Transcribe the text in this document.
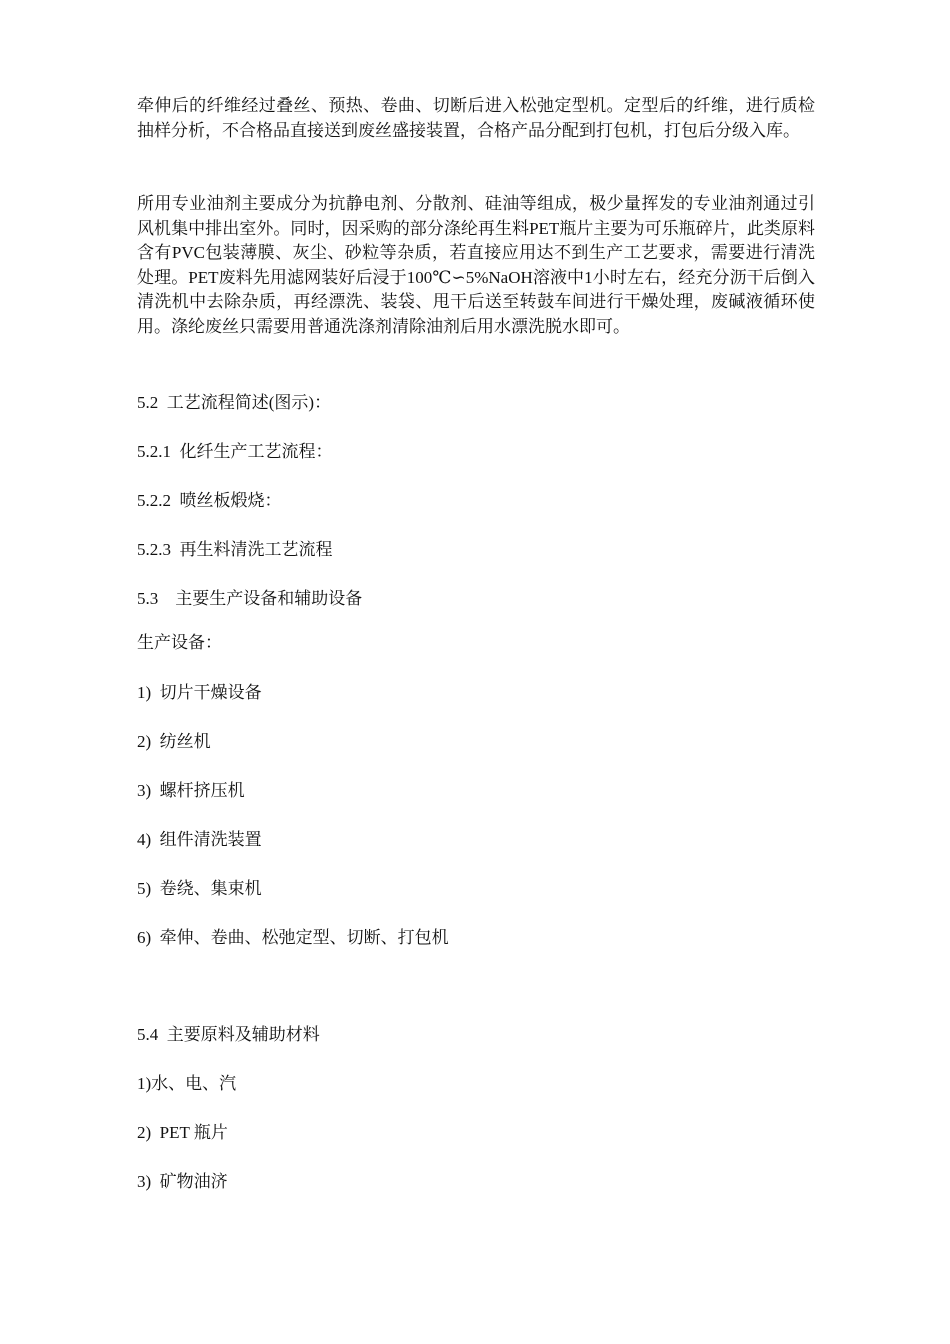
牵伸后的纤维经过叠丝、预热、卷曲、切断后进入松弛定型机。定型后的纤维，进行质检抽样分析，不合格品直接送到废丝盛接装置，合格产品分配到打包机，打包后分级入库。

所用专业油剂主要成分为抗静电剂、分散剂、硅油等组成，极少量挥发的专业油剂通过引风机集中排出室外。同时，因采购的部分涤纶再生料PET瓶片主要为可乐瓶碎片，此类原料含有PVC包装薄膜、灰尘、砂粒等杂质，若直接应用达不到生产工艺要求，需要进行清洗处理。PET废料先用滤网装好后浸于100℃∽5%NaOH溶液中1小时左右，经充分沥干后倒入清洗机中去除杂质，再经漂洗、装袋、甩干后送至转鼓车间进行干燥处理，废碱液循环使用。涤纶废丝只需要用普通洗涤剂清除油剂后用水漂洗脱水即可。

5.2  工艺流程简述(图示)：
5.2.1  化纤生产工艺流程：
5.2.2  喷丝板煅烧：
5.2.3  再生料清洗工艺流程
5.3    主要生产设备和辅助设备
生产设备：
1)  切片干燥设备
2)  纺丝机
3)  螺杆挤压机
4)  组件清洗装置
5)  卷绕、集束机
6)  牵伸、卷曲、松弛定型、切断、打包机
5.4  主要原料及辅助材料
1)水、电、汽
2)  PET 瓶片
3)  矿物油济
